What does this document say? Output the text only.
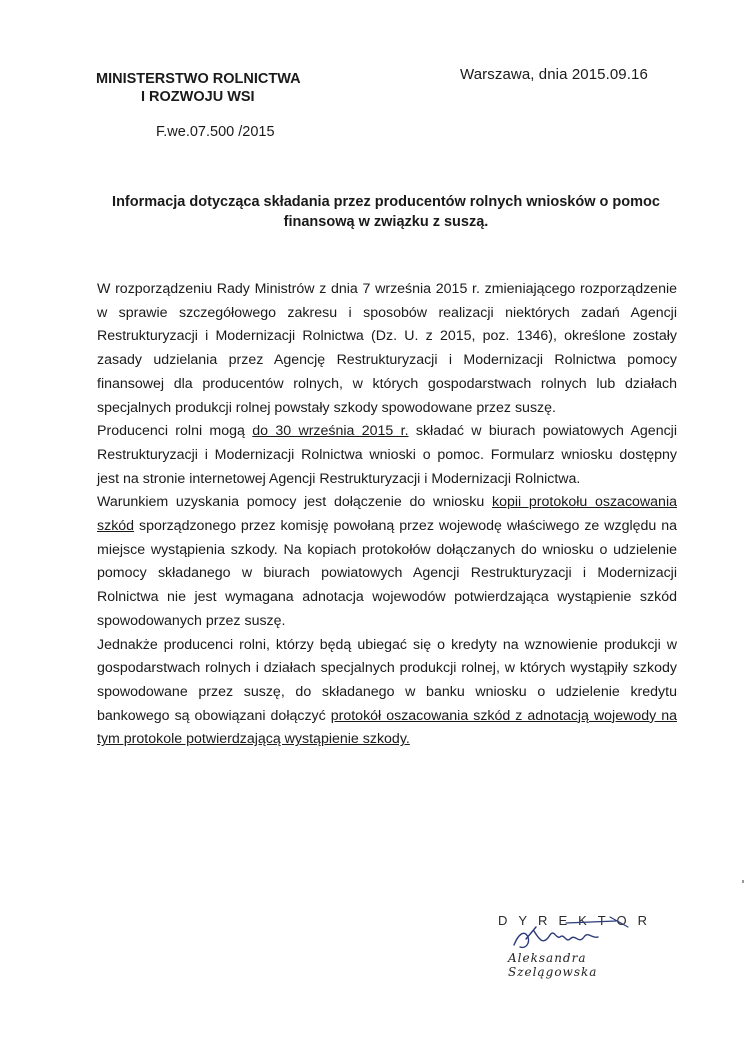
MINISTERSTWO ROLNICTWA
I ROZWOJU WSI
Warszawa, dnia 2015.09.16
F.we.07.500 /2015
Informacja dotycząca składania przez producentów rolnych wniosków o pomoc finansową w związku z suszą.

W rozporządzeniu Rady Ministrów z dnia 7 września 2015 r. zmieniającego rozporządzenie w sprawie szczegółowego zakresu i sposobów realizacji niektórych zadań Agencji Restrukturyzacji i Modernizacji Rolnictwa (Dz. U. z 2015, poz. 1346), określone zostały zasady udzielania przez Agencję Restrukturyzacji i Modernizacji Rolnictwa pomocy finansowej dla producentów rolnych, w których gospodarstwach rolnych lub działach specjalnych produkcji rolnej powstały szkody spowodowane przez suszę.

Producenci rolni mogą do 30 września 2015 r. składać w biurach powiatowych Agencji Restrukturyzacji i Modernizacji Rolnictwa wnioski o pomoc. Formularz wniosku dostępny jest na stronie internetowej Agencji Restrukturyzacji i Modernizacji Rolnictwa.

Warunkiem uzyskania pomocy jest dołączenie do wniosku kopii protokołu oszacowania szkód sporządzonego przez komisję powołaną przez wojewodę właściwego ze względu na miejsce wystąpienia szkody. Na kopiach protokołów dołączanych do wniosku o udzielenie pomocy składanego w biurach powiatowych Agencji Restrukturyzacji i Modernizacji Rolnictwa nie jest wymagana adnotacja wojewodów potwierdzająca wystąpienie szkód spowodowanych przez suszę.

Jednakże producenci rolni, którzy będą ubiegać się o kredyty na wznowienie produkcji w gospodarstwach rolnych i działach specjalnych produkcji rolnej, w których wystąpiły szkody spowodowane przez suszę, do składanego w banku wniosku o udzielenie kredytu bankowego są obowiązani dołączyć protokół oszacowania szkód z adnotacją wojewody na tym protokole potwierdzającą wystąpienie szkody.

DYREKTOR
Aleksandra Szelągowska
